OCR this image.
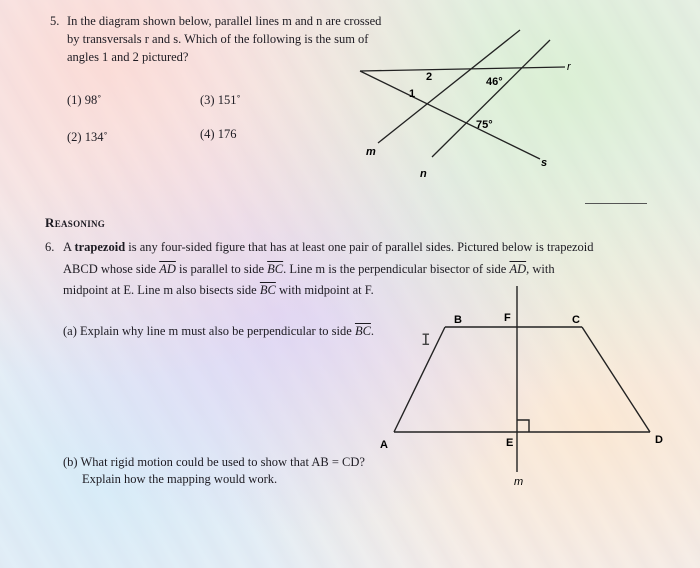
5. In the diagram shown below, parallel lines m and n are crossed
by transversals r and s. Which of the following is the sum of
angles 1 and 2 pictured?
(1) 98˚	(3) 151˚
(2) 134˚	(4) 176
r
s
m
n
1
2	46°
75°
Reasoning
6. A trapezoid is any four-sided figure that has at least one pair of parallel sides. Pictured below is trapezoid
ABCD whose side $\overline{AD}$ is parallel to side $\overline{BC}$. Line m is the perpendicular bisector of side $\overline{AD}$, with
midpoint at E. Line m also bisects side $\overline{BC}$ with midpoint at F.
(a) Explain why line m must also be perpendicular to side $\overline{BC}$.	I
A
B	C
D
E
F
m
(b) What rigid motion could be used to show that AB = CD?
Explain how the mapping would work.
